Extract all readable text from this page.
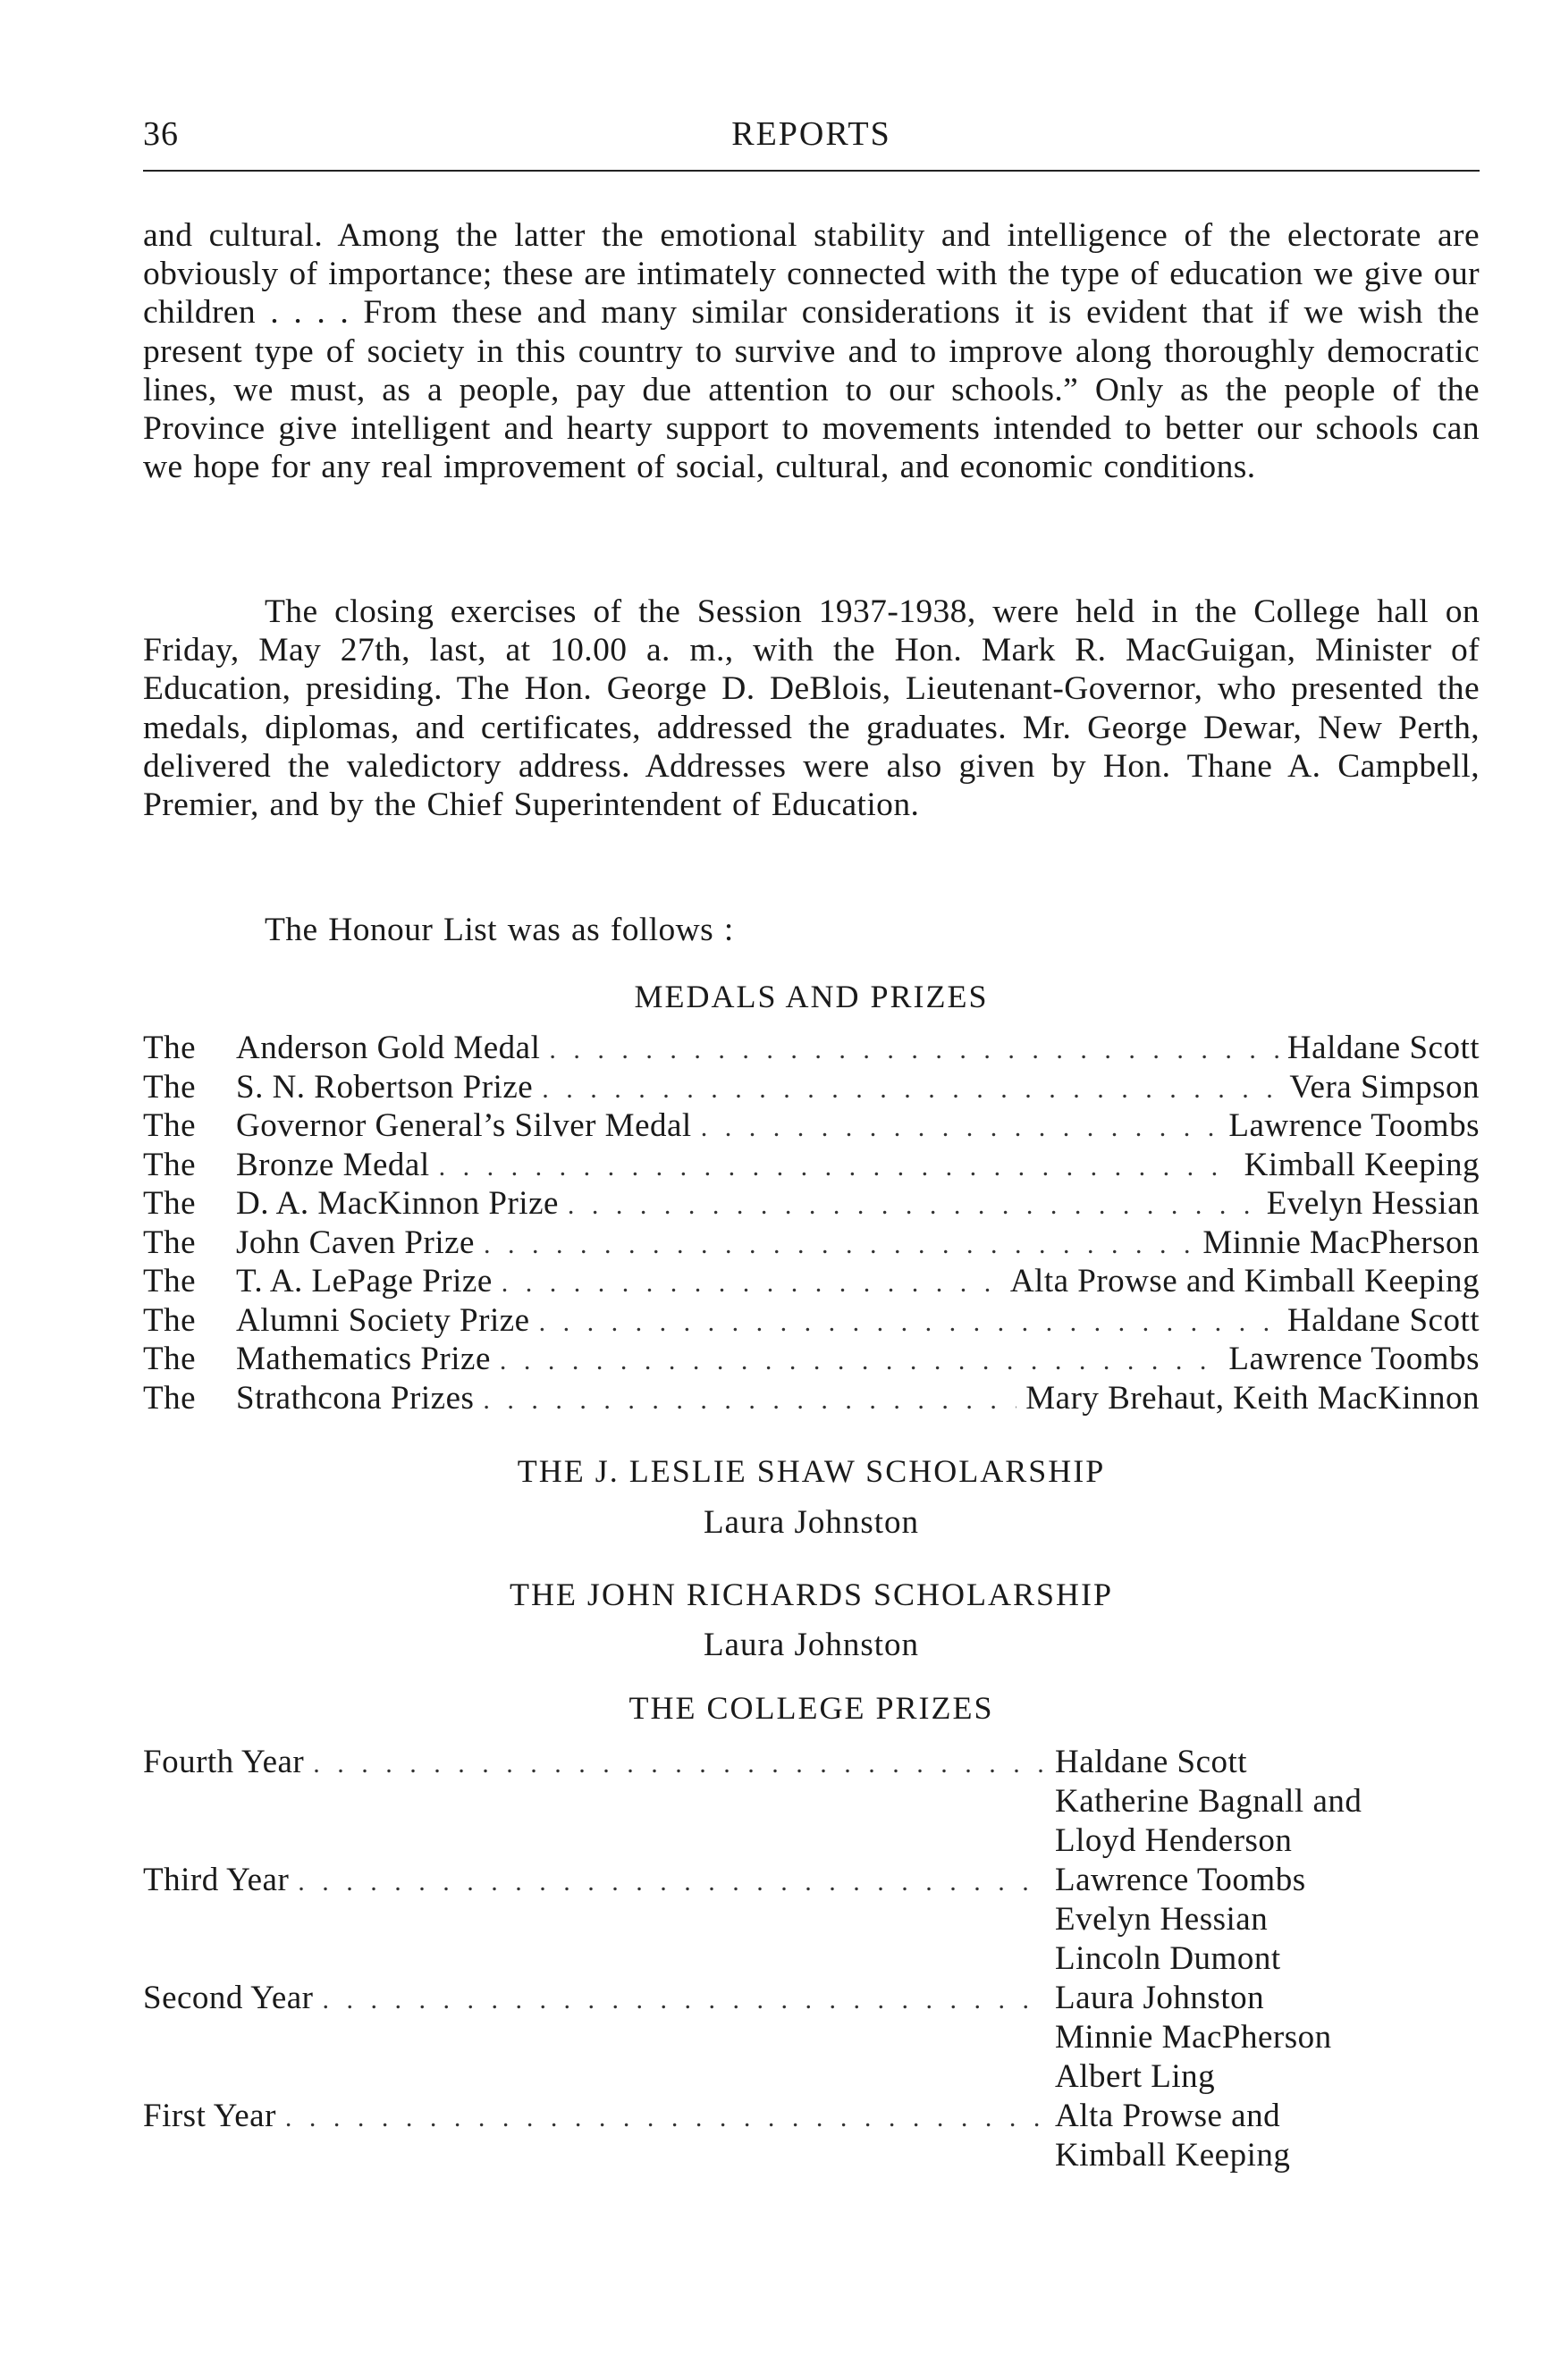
36	REPORTS

and cultural. Among the latter the emotional stability and intelligence of the electorate are obviously of importance; these are intimately connected with the type of education we give our children . . . . From these and many similar considerations it is evident that if we wish the present type of society in this country to survive and to improve along thoroughly democratic lines, we must, as a people, pay due attention to our schools.” Only as the people of the Province give intelligent and hearty support to movements intended to better our schools can we hope for any real improvement of social, cultural, and economic conditions.

The closing exercises of the Session 1937-1938, were held in the College hall on Friday, May 27th, last, at 10.00 a. m., with the Hon. Mark R. MacGuigan, Minister of Education, presiding. The Hon. George D. DeBlois, Lieutenant-Governor, who presented the medals, diplomas, and certificates, addressed the graduates. Mr. George Dewar, New Perth, delivered the valedictory address. Addresses were also given by Hon. Thane A. Campbell, Premier, and by the Chief Superintendent of Education.

The Honour List was as follows :

MEDALS AND PRIZES
The	Anderson Gold Medal . . .	Haldane Scott
The	S. N. Robertson Prize . . .	Vera Simpson
The	Governor General’s Silver Medal . . .	Lawrence Toombs
The	Bronze Medal . . .	Kimball Keeping
The	D. A. MacKinnon Prize . . .	Evelyn Hessian
The	John Caven Prize . . .	Minnie MacPherson
The	T. A. LePage Prize . . .	Alta Prowse and Kimball Keeping
The	Alumni Society Prize . . .	Haldane Scott
The	Mathematics Prize . . .	Lawrence Toombs
The	Strathcona Prizes . . .	Mary Brehaut, Keith MacKinnon
THE J. LESLIE SHAW SCHOLARSHIP
Laura Johnston
THE JOHN RICHARDS SCHOLARSHIP
Laura Johnston
THE COLLEGE PRIZES
Fourth Year . . .	Haldane Scott
Katherine Bagnall and
Lloyd Henderson
Third Year . . .	Lawrence Toombs
Evelyn Hessian
Lincoln Dumont
Second Year . . .	Laura Johnston
Minnie MacPherson
Albert Ling
First Year . . .	Alta Prowse and
Kimball Keeping
